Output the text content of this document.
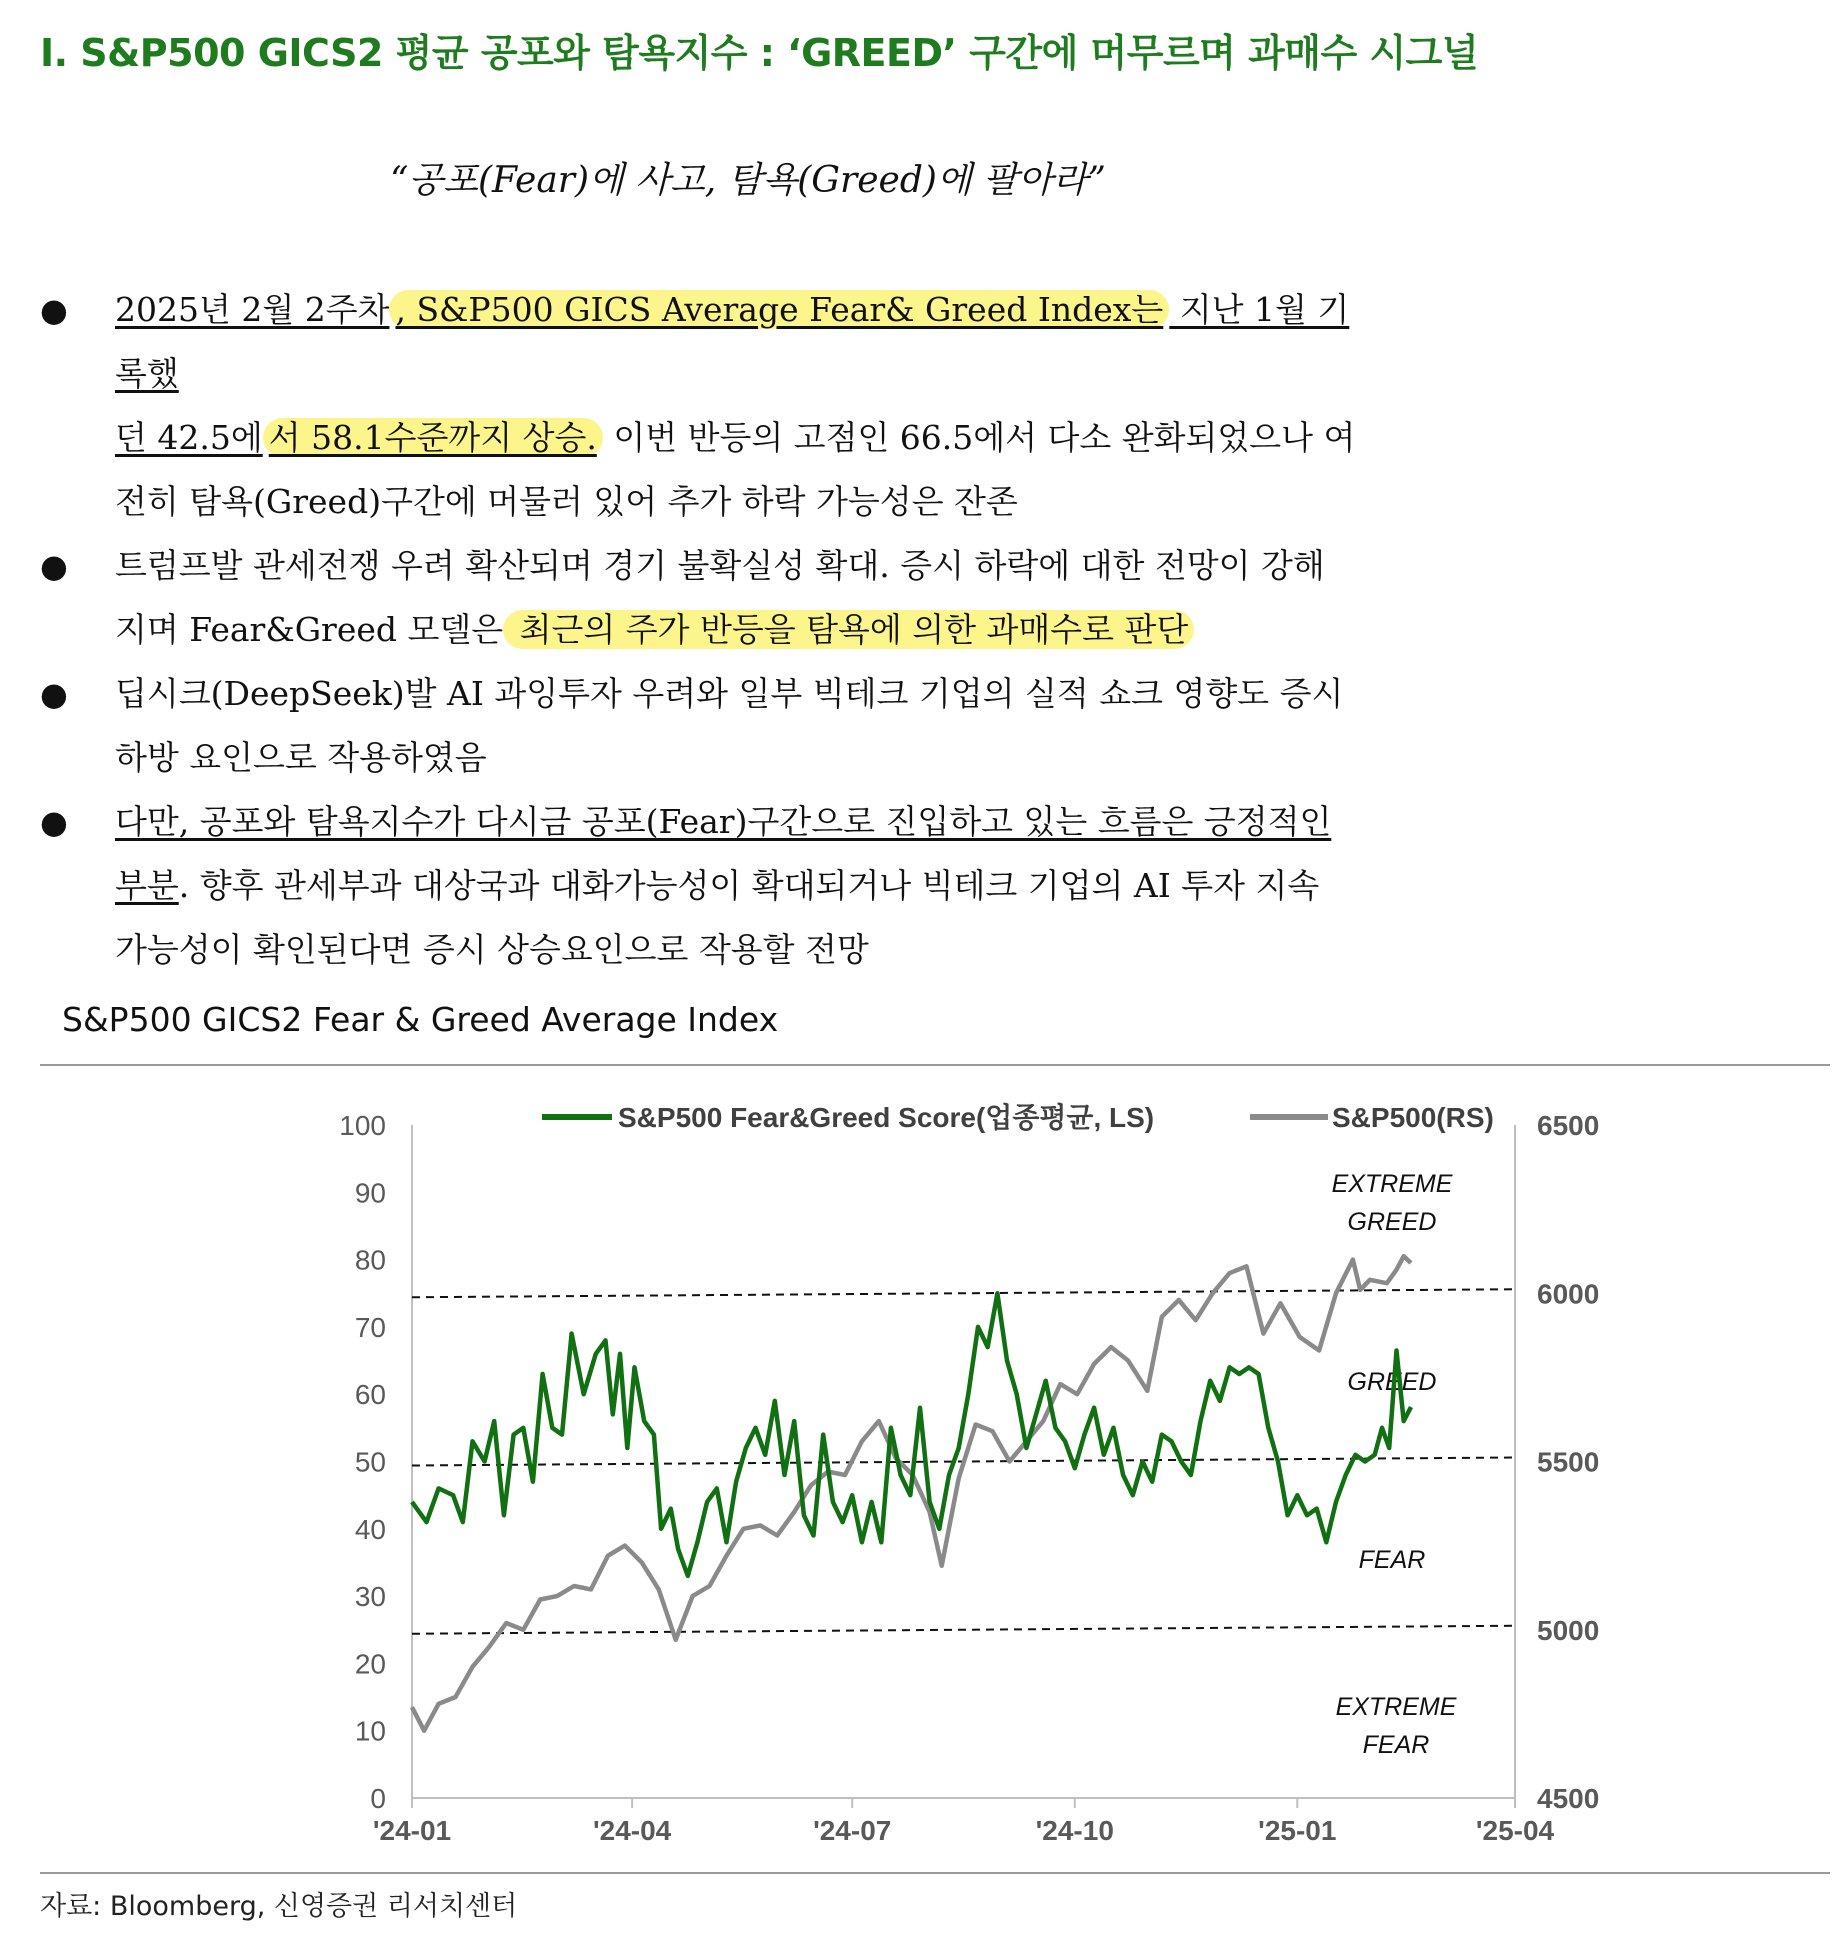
Ⅰ. S&P500 GICS2 평균 공포와 탐욕지수 : ‘GREED’ 구간에 머무르며 과매수 시그널
“공포(Fear)에 사고, 탐욕(Greed)에 팔아라”
● 2025년 2월 2주차 , S&P500 GICS Average Fear& Greed Index는 지난 1월 기록했
던 42.5에 서 58.1수준까지 상승. 이번 반등의 고점인 66.5에서 다소 완화되었으나 여
전히 탐욕(Greed)구간에 머물러 있어 추가 하락 가능성은 잔존
● 트럼프발 관세전쟁 우려 확산되며 경기 불확실성 확대. 증시 하락에 대한 전망이 강해
지며 Fear&Greed 모델은 최근의 주가 반등을 탐욕에 의한 과매수로 판단
● 딥시크(DeepSeek)발 AI 과잉투자 우려와 일부 빅테크 기업의 실적 쇼크 영향도 증시
하방 요인으로 작용하였음
● 다만, 공포와 탐욕지수가 다시금 공포(Fear)구간으로 진입하고 있는 흐름은 긍정적인
부분. 향후 관세부과 대상국과 대화가능성이 확대되거나 빅테크 기업의 AI 투자 지속
가능성이 확인된다면 증시 상승요인으로 작용할 전망
S&P500 GICS2 Fear & Greed Average Index
0
10
20
30
40
50
60
70
80
90
100
4500
5000
5500
6000
6500
'24-01	'24-04	'24-07	'24-10	'25-01	'25-04
EXTREME
GREED
GREED
FEAR
EXTREME
FEAR
S&P500 Fear&Greed Score(업종평균, LS)	S&P500(RS)
자료: Bloomberg, 신영증권 리서치센터
